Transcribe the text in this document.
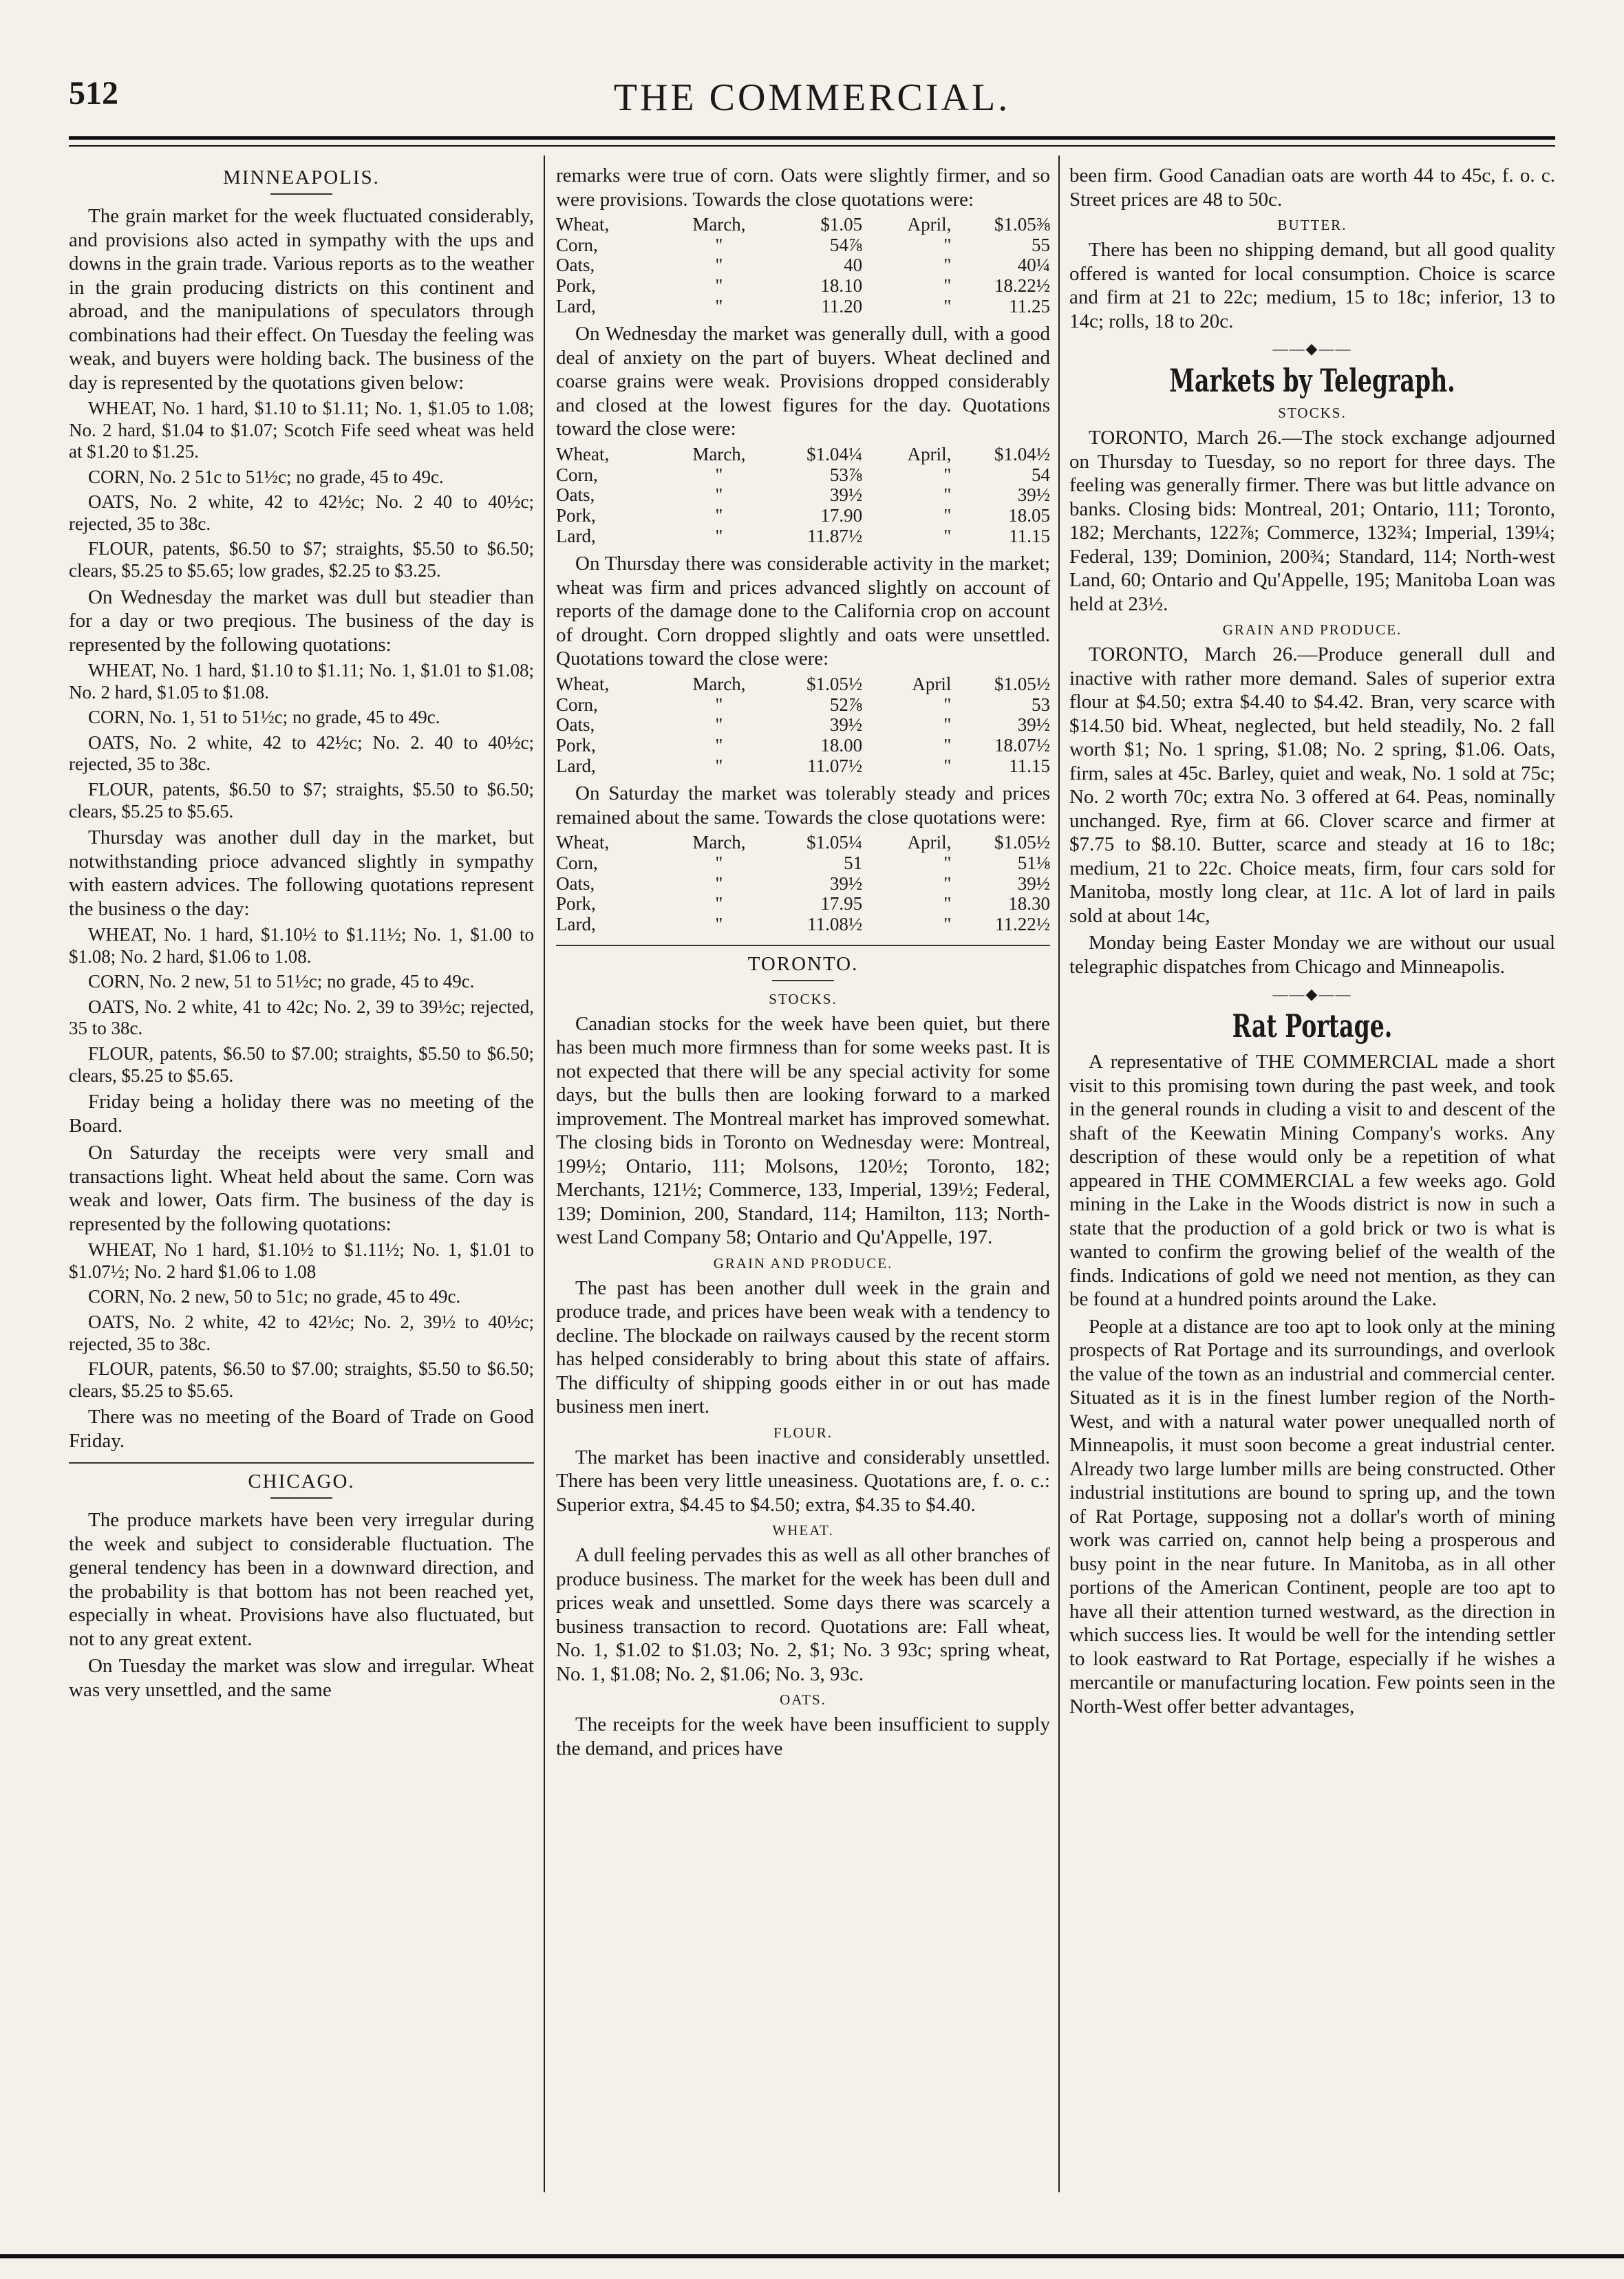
512	THE COMMERCIAL.
MINNEAPOLIS.

The grain market for the week fluctuated considerably, and provisions also acted in sympathy with the ups and downs in the grain trade. Various reports as to the weather in the grain producing districts on this continent and abroad, and the manipulations of speculators through combinations had their effect. On Tuesday the feeling was weak, and buyers were holding back. The business of the day is represented by the quotations given below:

WHEAT, No. 1 hard, $1.10 to $1.11; No. 1, $1.05 to 1.08; No. 2 hard, $1.04 to $1.07; Scotch Fife seed wheat was held at $1.20 to $1.25.

CORN, No. 2 51c to 51½c; no grade, 45 to 49c.

OATS, No. 2 white, 42 to 42½c; No. 2 40 to 40½c; rejected, 35 to 38c.

FLOUR, patents, $6.50 to $7; straights, $5.50 to $6.50; clears, $5.25 to $5.65; low grades, $2.25 to $3.25.

On Wednesday the market was dull but steadier than for a day or two preqious. The business of the day is represented by the following quotations:

WHEAT, No. 1 hard, $1.10 to $1.11; No. 1, $1.01 to $1.08; No. 2 hard, $1.05 to $1.08.

CORN, No. 1, 51 to 51½c; no grade, 45 to 49c.

OATS, No. 2 white, 42 to 42½c; No. 2. 40 to 40½c; rejected, 35 to 38c.

FLOUR, patents, $6.50 to $7; straights, $5.50 to $6.50; clears, $5.25 to $5.65.

Thursday was another dull day in the market, but notwithstanding prioce advanced slightly in sympathy with eastern advices. The following quotations represent the business o the day:

WHEAT, No. 1 hard, $1.10½ to $1.11½; No. 1, $1.00 to $1.08; No. 2 hard, $1.06 to 1.08.

CORN, No. 2 new, 51 to 51½c; no grade, 45 to 49c.

OATS, No. 2 white, 41 to 42c; No. 2, 39 to 39½c; rejected, 35 to 38c.

FLOUR, patents, $6.50 to $7.00; straights, $5.50 to $6.50; clears, $5.25 to $5.65.

Friday being a holiday there was no meeting of the Board.

On Saturday the receipts were very small and transactions light. Wheat held about the same. Corn was weak and lower, Oats firm. The business of the day is represented by the following quotations:

WHEAT, No 1 hard, $1.10½ to $1.11½; No. 1, $1.01 to $1.07½; No. 2 hard $1.06 to 1.08

CORN, No. 2 new, 50 to 51c; no grade, 45 to 49c.

OATS, No. 2 white, 42 to 42½c; No. 2, 39½ to 40½c; rejected, 35 to 38c.

FLOUR, patents, $6.50 to $7.00; straights, $5.50 to $6.50; clears, $5.25 to $5.65.

There was no meeting of the Board of Trade on Good Friday.

CHICAGO.

The produce markets have been very irregular during the week and subject to considerable fluctuation. The general tendency has been in a downward direction, and the probability is that bottom has not been reached yet, especially in wheat. Provisions have also fluctuated, but not to any great extent.

On Tuesday the market was slow and irregular. Wheat was very unsettled, and the same

remarks were true of corn. Oats were slightly firmer, and so were provisions. Towards the close quotations were:

Wheat,	March,	$1.05	April,	$1.05⅜
Corn,	"	54⅞	"	55
Oats,	"	40	"	40¼
Pork,	"	18.10	"	18.22½
Lard,	"	11.20	"	11.25

On Wednesday the market was generally dull, with a good deal of anxiety on the part of buyers. Wheat declined and coarse grains were weak. Provisions dropped considerably and closed at the lowest figures for the day. Quotations toward the close were:

Wheat,	March,	$1.04¼	April,	$1.04½
Corn,	"	53⅞	"	54
Oats,	"	39½	"	39½
Pork,	"	17.90	"	18.05
Lard,	"	11.87½	"	11.15

On Thursday there was considerable activity in the market; wheat was firm and prices advanced slightly on account of reports of the damage done to the California crop on account of drought. Corn dropped slightly and oats were unsettled. Quotations toward the close were:

Wheat,	March,	$1.05½	April	$1.05½
Corn,	"	52⅞	"	53
Oats,	"	39½	"	39½
Pork,	"	18.00	"	18.07½
Lard,	"	11.07½	"	11.15

On Saturday the market was tolerably steady and prices remained about the same. Towards the close quotations were:

Wheat,	March,	$1.05¼	April,	$1.05½
Corn,	"	51	"	51⅛
Oats,	"	39½	"	39½
Pork,	"	17.95	"	18.30
Lard,	"	11.08½	"	11.22½
TORONTO.
STOCKS.

Canadian stocks for the week have been quiet, but there has been much more firmness than for some weeks past. It is not expected that there will be any special activity for some days, but the bulls then are looking forward to a marked improvement. The Montreal market has improved somewhat. The closing bids in Toronto on Wednesday were: Montreal, 199½; Ontario, 111; Molsons, 120½; Toronto, 182; Merchants, 121½; Commerce, 133, Imperial, 139½; Federal, 139; Dominion, 200, Standard, 114; Hamilton, 113; North-west Land Company 58; Ontario and Qu'Appelle, 197.

GRAIN AND PRODUCE.

The past has been another dull week in the grain and produce trade, and prices have been weak with a tendency to decline. The blockade on railways caused by the recent storm has helped considerably to bring about this state of affairs. The difficulty of shipping goods either in or out has made business men inert.

FLOUR.

The market has been inactive and considerably unsettled. There has been very little uneasiness. Quotations are, f. o. c.: Superior extra, $4.45 to $4.50; extra, $4.35 to $4.40.

WHEAT.

A dull feeling pervades this as well as all other branches of produce business. The market for the week has been dull and prices weak and unsettled. Some days there was scarcely a business transaction to record. Quotations are: Fall wheat, No. 1, $1.02 to $1.03; No. 2, $1; No. 3 93c; spring wheat, No. 1, $1.08; No. 2, $1.06; No. 3, 93c.

OATS.

The receipts for the week have been insufficient to supply the demand, and prices have

been firm. Good Canadian oats are worth 44 to 45c, f. o. c. Street prices are 48 to 50c.

BUTTER.

There has been no shipping demand, but all good quality offered is wanted for local consumption. Choice is scarce and firm at 21 to 22c; medium, 15 to 18c; inferior, 13 to 14c; rolls, 18 to 20c.

——◆——
Markets by Telegraph.
STOCKS.

TORONTO, March 26.—The stock exchange adjourned on Thursday to Tuesday, so no report for three days. The feeling was generally firmer. There was but little advance on banks. Closing bids: Montreal, 201; Ontario, 111; Toronto, 182; Merchants, 122⅞; Commerce, 132¾; Imperial, 139¼; Federal, 139; Dominion, 200¾; Standard, 114; North-west Land, 60; Ontario and Qu'Appelle, 195; Manitoba Loan was held at 23½.

GRAIN AND PRODUCE.

TORONTO, March 26.—Produce generall dull and inactive with rather more demand. Sales of superior extra flour at $4.50; extra $4.40 to $4.42. Bran, very scarce with $14.50 bid. Wheat, neglected, but held steadily, No. 2 fall worth $1; No. 1 spring, $1.08; No. 2 spring, $1.06. Oats, firm, sales at 45c. Barley, quiet and weak, No. 1 sold at 75c; No. 2 worth 70c; extra No. 3 offered at 64. Peas, nominally unchanged. Rye, firm at 66. Clover scarce and firmer at $7.75 to $8.10. Butter, scarce and steady at 16 to 18c; medium, 21 to 22c. Choice meats, firm, four cars sold for Manitoba, mostly long clear, at 11c. A lot of lard in pails sold at about 14c,

Monday being Easter Monday we are without our usual telegraphic dispatches from Chicago and Minneapolis.

——◆——
Rat Portage.

A representative of THE COMMERCIAL made a short visit to this promising town during the past week, and took in the general rounds in cluding a visit to and descent of the shaft of the Keewatin Mining Company's works. Any description of these would only be a repetition of what appeared in THE COMMERCIAL a few weeks ago. Gold mining in the Lake in the Woods district is now in such a state that the production of a gold brick or two is what is wanted to confirm the growing belief of the wealth of the finds. Indications of gold we need not mention, as they can be found at a hundred points around the Lake.

People at a distance are too apt to look only at the mining prospects of Rat Portage and its surroundings, and overlook the value of the town as an industrial and commercial center. Situated as it is in the finest lumber region of the North-West, and with a natural water power unequalled north of Minneapolis, it must soon become a great industrial center. Already two large lumber mills are being constructed. Other industrial institutions are bound to spring up, and the town of Rat Portage, supposing not a dollar's worth of mining work was carried on, cannot help being a prosperous and busy point in the near future. In Manitoba, as in all other portions of the American Continent, people are too apt to have all their attention turned westward, as the direction in which success lies. It would be well for the intending settler to look eastward to Rat Portage, especially if he wishes a mercantile or manufacturing location. Few points seen in the North-West offer better advantages,
